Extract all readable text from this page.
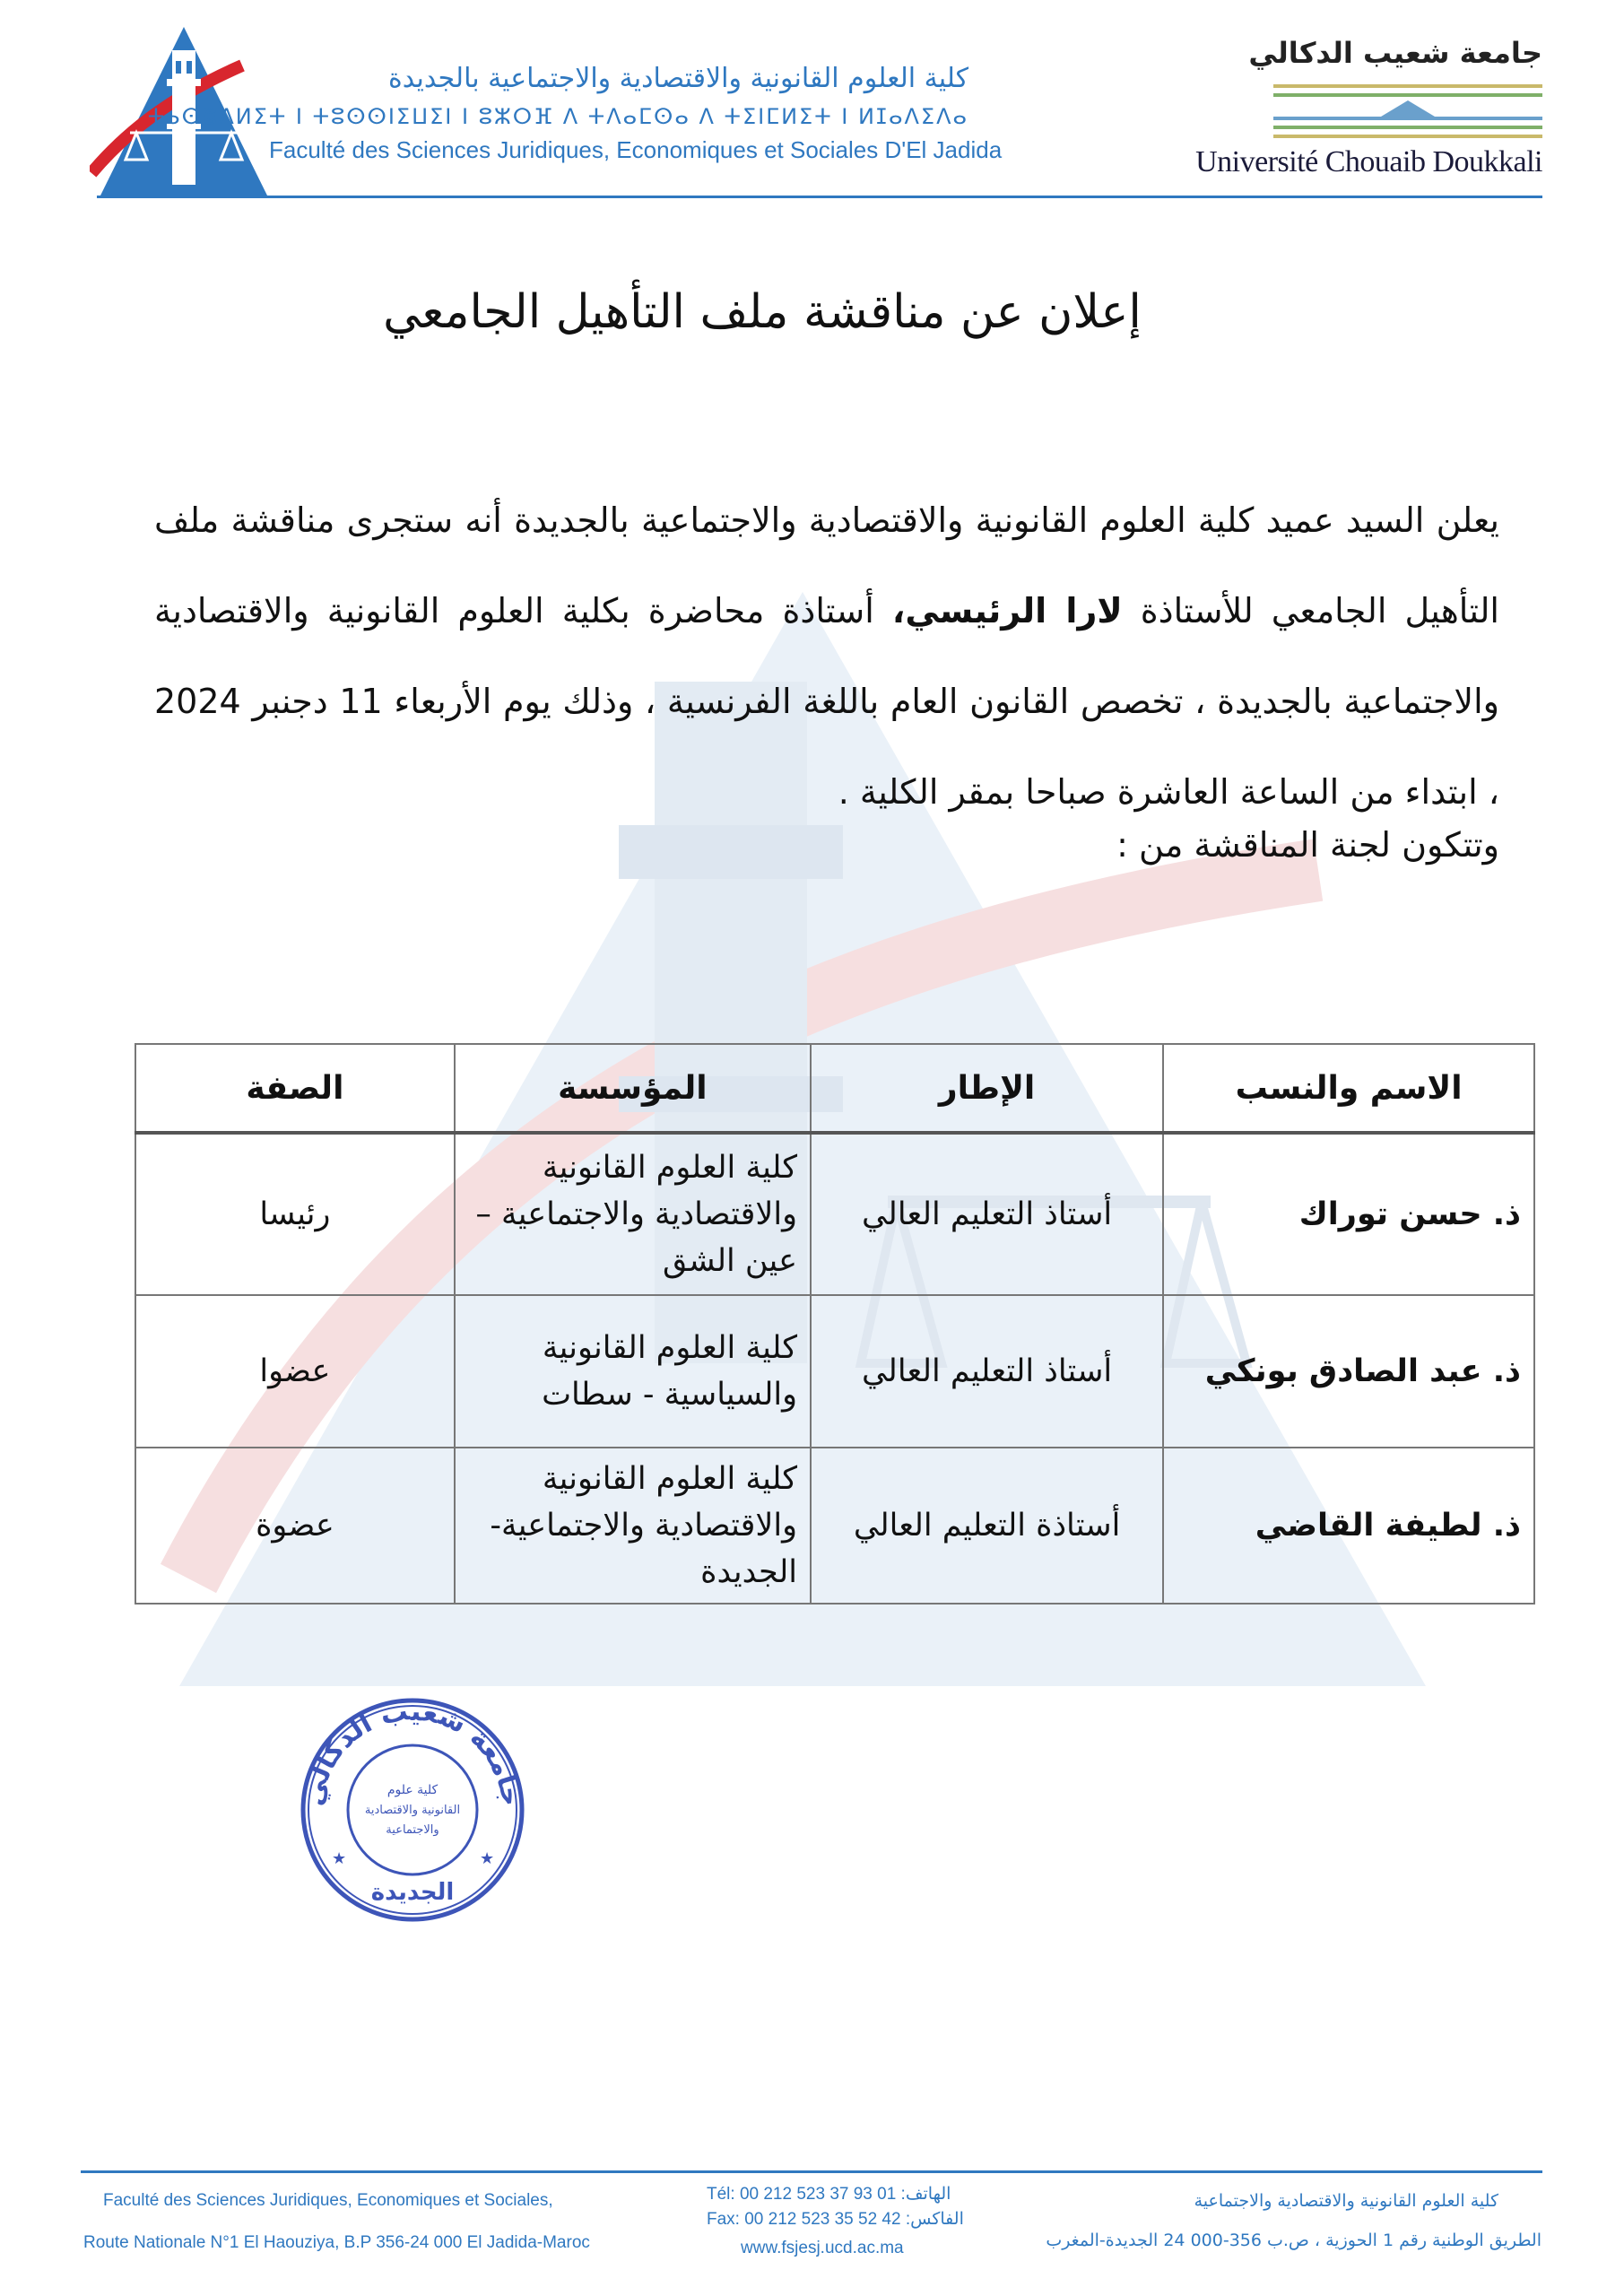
كلية العلوم القانونية والاقتصادية والاجتماعية بالجديدة
ⵜⴰⵙⴻⴷⵍⵉⵜ ⵏ ⵜⵓⵙⵙⵏⵉⵡⵉⵏ ⵏ ⵓⵣⵔⴼ ⴷ ⵜⴷⴰⵎⵙⴰ ⴷ ⵜⵉⵏⵎⵍⵉⵜ ⵏ ⵍⵊⴰⴷⵉⴷⴰ
Faculté des Sciences Juridiques, Economiques et Sociales D'El Jadida
جامعة شعيب الدكالي
Université Chouaib Doukkali
إعلان عن مناقشة ملف التأهيل الجامعي
يعلن السيد عميد كلية العلوم القانونية والاقتصادية والاجتماعية بالجديدة أنه ستجرى مناقشة ملف التأهيل الجامعي للأستاذة لارا الرئيسي، أستاذة محاضرة بكلية العلوم القانونية والاقتصادية والاجتماعية بالجديدة ، تخصص القانون العام باللغة الفرنسية ، وذلك يوم الأربعاء 11 دجنبر 2024 ، ابتداء من الساعة العاشرة صباحا بمقر الكلية .
وتتكون لجنة المناقشة من :
الاسم والنسب	الإطار	المؤسسة	الصفة
ذ. حسن توراك	أستاذ التعليم العالي	كلية العلوم القانونية والاقتصادية والاجتماعية – عين الشق	رئيسا
ذ. عبد الصادق بونكي	أستاذ التعليم العالي	كلية العلوم القانونية والسياسية - سطات	عضوا
ذ. لطيفة القاضي	أستاذة التعليم العالي	كلية العلوم القانونية والاقتصادية والاجتماعية-الجديدة	عضوة
جامعة شعيب الدكالي
الجديدة
كلية علوم
القانونية والاقتصادية
والاجتماعية
★	★
Faculté des Sciences Juridiques, Economiques et Sociales,
Route Nationale N°1 El Haouziya, B.P 356-24 000 El Jadida-Maroc
Tél: 00 212 523 37 93 01 :الهاتف
Fax: 00 212 523 35 52 42 :الفاكس
www.fsjesj.ucd.ac.ma
كلية العلوم القانونية والاقتصادية والاجتماعية
الطريق الوطنية رقم 1 الحوزية ، ص.ب 356-000 24 الجديدة-المغرب
